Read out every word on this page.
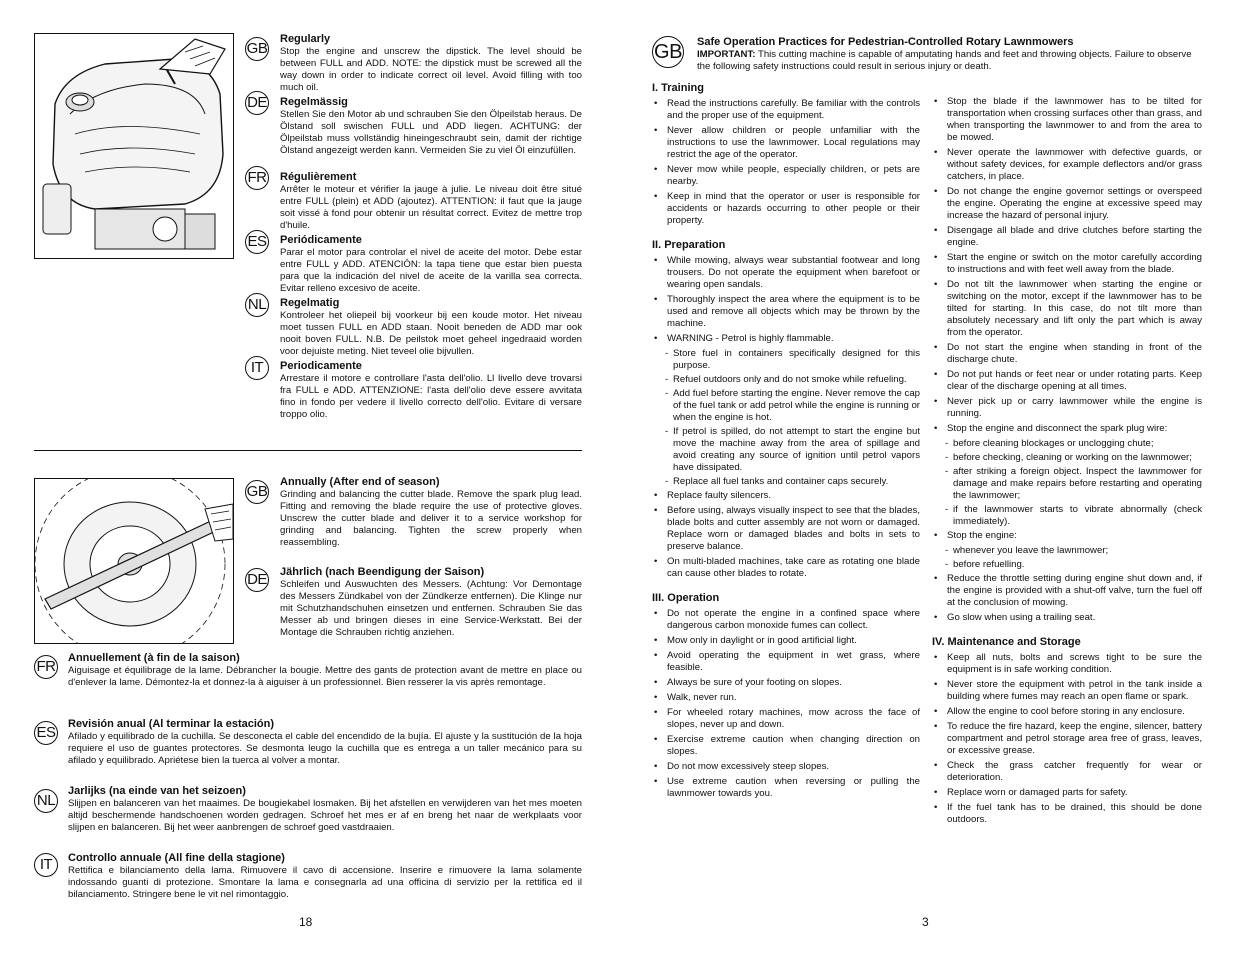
GB

Regularly

Stop the engine and unscrew the dipstick. The level should be between FULL and ADD. NOTE: the dipstick must be screwed all the way down in order to indicate correct oil level. Avoid filling with too much oil.

DE Regelmässig

Stellen Sie den Motor ab und schrauben Sie den Ölpeilstab heraus. De Ölstand soll swischen FULL und ADD liegen. ACHTUNG: der Ölpeilstab muss vollständig hineingeschraubt sein, damit der richtige Ölstand angezeigt werden kann. Vermeiden Sie zu viel Öl einzufüllen.

FR Régulièrement

Arrêter le moteur et vérifier la jauge à julie. Le niveau doit être situé entre FULL (plein) et ADD (ajoutez). ATTENTION: il faut que la jauge soit vissé à fond pour obtenir un résultat correct. Evitez de mettre trop d'huile.

ES Periódicamente

Parar el motor para controlar el nivel de aceite del motor. Debe estar entre FULL y ADD. ATENCIÓN: la tapa tiene que estar bien puesta para que la indicación del nivel de aceite de la varilla sea correcta. Evitar relleno excesivo de aceite.

NL Regelmatig

Kontroleer het oliepeil bij voorkeur bij een koude motor. Het niveau moet tussen FULL en ADD staan. Nooit beneden de ADD mar ook nooit boven FULL. N.B. De peilstok moet geheel ingedraaid worden voor dejuiste meting. Niet teveel olie bijvullen.

IT	Periodicamente

Arrestare il motore e controllare l'asta dell'olio. Ll livello deve trovarsi fra FULL e ADD. ATTENZIONE: l'asta dell'olio deve essere avvitata fino in fondo per vedere il livello correcto dell'olio. Evitare di versare troppo olio.

GB

Annually (After end of season)

Grinding and balancing the cutter blade. Remove the spark plug lead. Fitting and removing the blade require the use of protective gloves. Unscrew the cutter blade and deliver it to a service workshop for grinding and balancing. Tighten the screw properly when reassembling.

DE Jährlich (nach Beendigung der Saison)

Schleifen und Auswuchten des Messers. (Achtung: Vor Demontage des Messers Zündkabel von der Zündkerze entfernen). Die Klinge nur mit Schutzhandschuhen einsetzen und entfernen. Schrauben Sie das Messer ab und bringen dieses in eine Service-Werkstatt. Bei der Montage die Schrauben richtig anziehen.

FR Annuellement (à fin de la saison)

Aiguisage et équilibrage de la lame. Débrancher la bougie. Mettre des gants de protection avant de mettre en place ou d'enlever la lame. Démontez-la et donnez-la à aiguiser à un professionnel. Bien resserer la vis après remontage.

ES Revisión anual (Al terminar la estación)

Afilado y equilibrado de la cuchilla. Se desconecta el cable del encendido de la bujía. El ajuste y la sustitución de la hoja requiere el uso de guantes protectores. Se desmonta leugo la cuchilla que es entrega a un taller mecánico para su afilado y equilibrado. Apriétese bien la tuerca al volver a montar.

NL

Jarlijks (na einde van het seizoen)

Slijpen en balanceren van het maaimes. De bougiekabel losmaken. Bij het afstellen en verwijderen van het mes moeten altijd beschermende handschoenen worden gedragen. Schroef het mes er af en breng het naar de werkplaats voor slijpen en balanceren. Bij het weer aanbrengen de schroef goed vastdraaien.

IT	Controllo annuale (All fine della stagione)

Rettifica e bilanciamento della lama. Rimuovere il cavo di accensione. Inserire e rimuovere la lama solamente indossando guanti di protezione. Smontare la lama e consegnarla ad una officina di servizio per la rettifica ed il bilanciamento. Stringere bene le vit nel rimontaggio.

18
GB Safe Operation Practices for Pedestrian-Controlled Rotary Lawnmowers

IMPORTANT: This cutting machine is capable of amputating hands and feet and throwing objects. Failure to observe the following safety instructions could result in serious injury or death.

I. Training

• Read the instructions carefully. Be familiar with the controls and the proper use of the equipment.
• Never allow children or people unfamiliar with the instructions to use the lawnmower. Local regulations may restrict the age of the operator.
• Never mow while people, especially children, or pets are nearby.
• Keep in mind that the operator or user is responsible for accidents or hazards occurring to other people or their property.

II. Preparation

• While mowing, always wear substantial footwear and long trousers. Do not operate the equipment when barefoot or wearing open sandals.
• Thoroughly inspect the area where the equipment is to be used and remove all objects which may be thrown by the machine.
• WARNING - Petrol is highly flammable.
- Store fuel in containers specifically designed for this purpose.
- Refuel outdoors only and do not smoke while refueling.
- Add fuel before starting the engine. Never remove the cap of the fuel tank or add petrol while the engine is running or when the engine is hot.
- If petrol is spilled, do not attempt to start the engine but move the machine away from the area of spillage and avoid creating any source of ignition until petrol vapors have dissipated.
- Replace all fuel tanks and container caps securely.
• Replace faulty silencers.
• Before using, always visually inspect to see that the blades, blade bolts and cutter assembly are not worn or damaged. Replace worn or damaged blades and bolts in sets to preserve balance.
• On multi-bladed machines, take care as rotating one blade can cause other blades to rotate.

III. Operation

• Do not operate the engine in a confined space where dangerous carbon monoxide fumes can collect.
• Mow only in daylight or in good artificial light.
• Avoid operating the equipment in wet grass, where feasible.
• Always be sure of your footing on slopes.
• Walk, never run.
• For wheeled rotary machines, mow across the face of slopes, never up and down.
• Exercise extreme caution when changing direction on slopes.
• Do not mow excessively steep slopes.
• Use extreme caution when reversing or pulling the lawnmower towards you.
• Stop the blade if the lawnmower has to be tilted for transportation when crossing surfaces other than grass, and when transporting the lawnmower to and from the area to be mowed.
• Never operate the lawnmower with defective guards, or without safety devices, for example deflectors and/or grass catchers, in place.
• Do not change the engine governor settings or overspeed the engine. Operating the engine at excessive speed may increase the hazard of personal injury.
• Disengage all blade and drive clutches before starting the engine.
• Start the engine or switch on the motor carefully according to instructions and with feet well away from the blade.
• Do not tilt the lawnmower when starting the engine or switching on the motor, except if the lawnmower has to be tilted for starting. In this case, do not tilt more than absolutely necessary and lift only the part which is away from the operator.
• Do not start the engine when standing in front of the discharge chute.
• Do not put hands or feet near or under rotating parts. Keep clear of the discharge opening at all times.
• Never pick up or carry lawnmower while the engine is running.
• Stop the engine and disconnect the spark plug wire:
- before cleaning blockages or unclogging chute;
- before checking, cleaning or working on the lawnmower;
- after striking a foreign object. Inspect the lawnmower for damage and make repairs before restarting and operating the lawnmower;
- if the lawnmower starts to vibrate abnormally (check immediately).
• Stop the engine:
- whenever you leave the lawnmower;
- before refuelling.
• Reduce the throttle setting during engine shut down and, if the engine is provided with a shut-off valve, turn the fuel off at the conclusion of mowing.
• Go slow when using a trailing seat.

IV. Maintenance and Storage

• Keep all nuts, bolts and screws tight to be sure the equipment is in safe working condition.
• Never store the equipment with petrol in the tank inside a building where fumes may reach an open flame or spark.
• Allow the engine to cool before storing in any enclosure.
• To reduce the fire hazard, keep the engine, silencer, battery compartment and petrol storage area free of grass, leaves, or excessive grease.
• Check the grass catcher frequently for wear or deterioration.
• Replace worn or damaged parts for safety.
• If the fuel tank has to be drained, this should be done outdoors.
3
